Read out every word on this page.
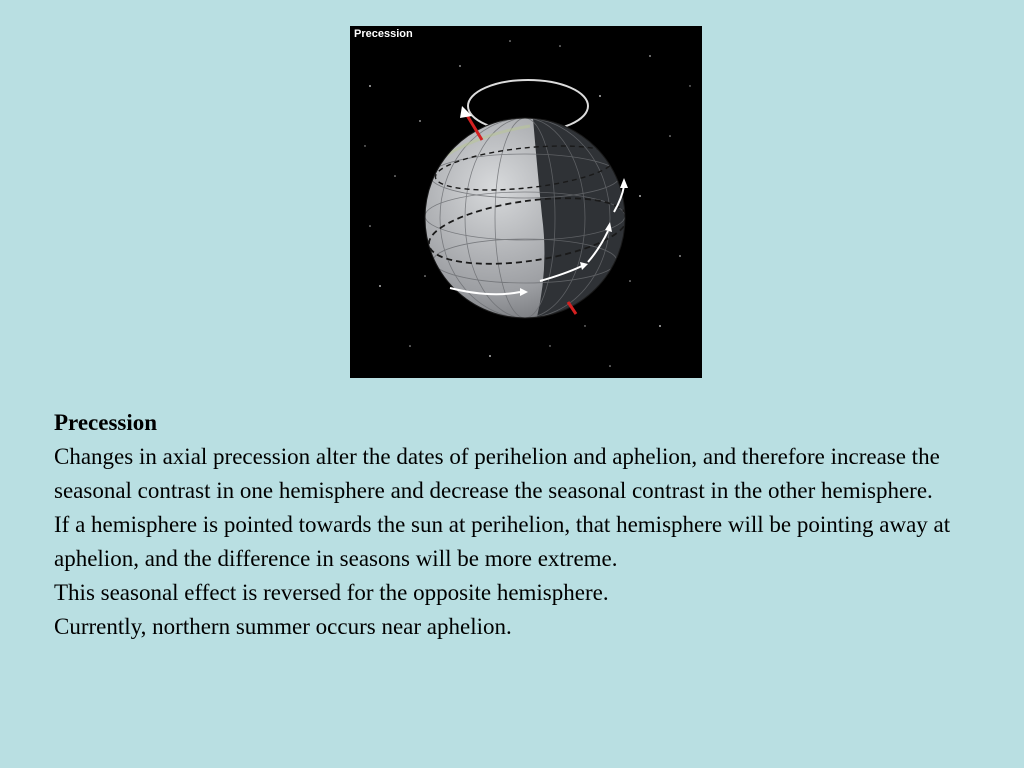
Precession

Precession

Changes in axial precession alter the dates of perihelion and aphelion, and therefore increase the seasonal contrast in one hemisphere and decrease the seasonal contrast in the other hemisphere.

If a hemisphere is pointed towards the sun at perihelion, that hemisphere will be pointing away at aphelion, and the difference in seasons will be more extreme.

This seasonal effect is reversed for the opposite hemisphere.

Currently, northern summer occurs near aphelion.
